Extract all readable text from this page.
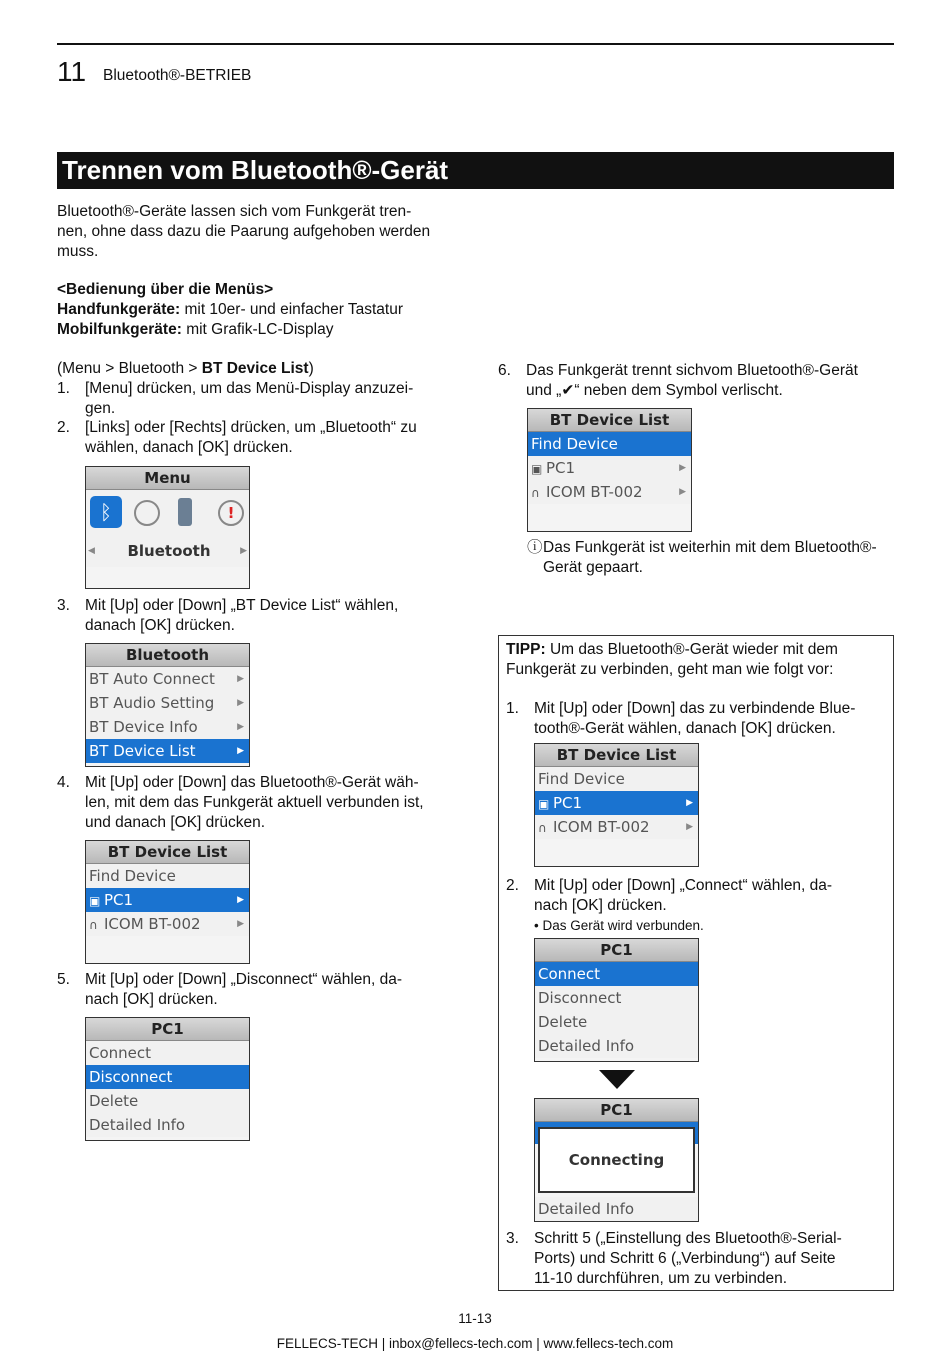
11 Bluetooth®-BETRIEB
Trennen vom Bluetooth®-Gerät

Bluetooth®-Geräte lassen sich vom Funkgerät tren-

nen, ohne dass dazu die Paarung aufgehoben werden

muss.

<Bedienung über die Menüs>

Handfunkgeräte: mit 10er- und einfacher Tastatur

Mobilfunkgeräte: mit Grafik-LC-Display

(Menu > Bluetooth > BT Device List)
1. [Menu] drücken, um das Menü-Display anzuzei-

gen.

2. [Links] oder [Rechts] drücken, um „Bluetooth“ zu

wählen, danach [OK] drücken.

Menu
ᛒ	!
◀ Bluetooth	▶
3. Mit [Up] oder [Down] „BT Device List“ wählen,

danach [OK] drücken.

Bluetooth
BT Auto Connect ▶
BT Audio Setting	▶
BT Device Info	▶
BT Device List	▶
4. Mit [Up] oder [Down] das Bluetooth®-Gerät wäh-

len, mit dem das Funkgerät aktuell verbunden ist,

und danach [OK] drücken.

BT Device List
Find Device
▣ PC1	▶
∩ ICOM BT-002	▶
5. Mit [Up] oder [Down] „Disconnect“ wählen, da-

nach [OK] drücken.

PC1
Connect
Disconnect
Delete
Detailed Info
6. Das Funkgerät trennt sichvom Bluetooth®-Gerät

und „✔“ neben dem Symbol verlischt.

BT Device List
Find Device
▣ PC1	▶
∩ ICOM BT-002	▶
ⓘ Das Funkgerät ist weiterhin mit dem Bluetooth®-

Gerät gepaart.

TIPP: Um das Bluetooth®-Gerät wieder mit dem

Funkgerät zu verbinden, geht man wie folgt vor:

1. Mit [Up] oder [Down] das zu verbindende Blue-

tooth®-Gerät wählen, danach [OK] drücken.

BT Device List
Find Device
▣ PC1	▶
∩ ICOM BT-002	▶
2. Mit [Up] oder [Down] „Connect“ wählen, da-

nach [OK] drücken.

• Das Gerät wird verbunden.

PC1
Connect
Disconnect
Delete
Detailed Info
PC1
Connecting
Detailed Info
3. Schritt 5 („Einstellung des Bluetooth®-Serial-

Ports) und Schritt 6 („Verbindung“) auf Seite

11-10 durchführen, um zu verbinden.

11-13
FELLECS-TECH | inbox@fellecs-tech.com | www.fellecs-tech.com
